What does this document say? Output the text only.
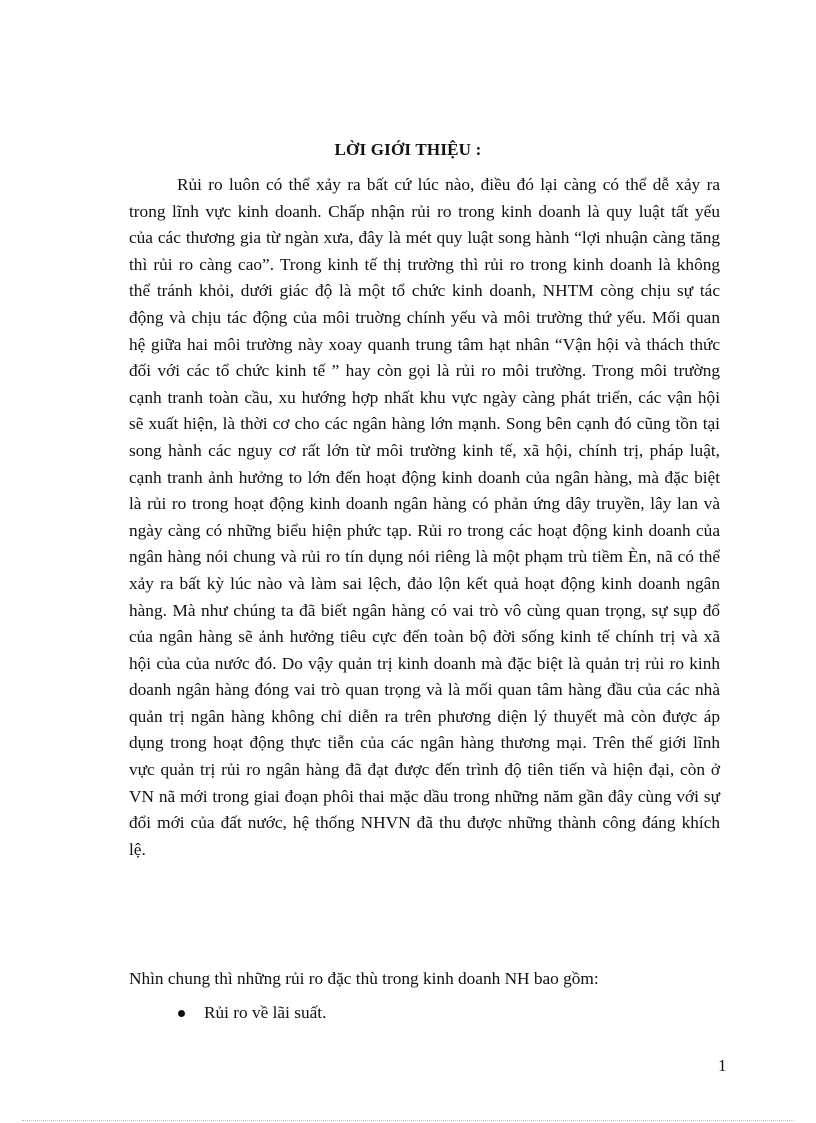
LỜI GIỚI THIỆU :

Rủi ro luôn có thể xảy ra bất cứ lúc nào, điều đó lại càng có thể dễ xảy ra trong lĩnh vực kinh doanh. Chấp nhận rủi ro trong kinh doanh là quy luật tất yếu của các thương gia từ ngàn xưa, đây là mét quy luật song hành “lợi nhuận càng tăng thì rủi ro càng cao”. Trong kinh tế thị trường thì rủi ro trong kinh doanh là không thể tránh khỏi, dưới giác độ là một tổ chức kinh doanh, NHTM còng chịu sự tác động và chịu tác động của môi truờng chính yếu và môi trường thứ yếu. Mối quan hệ giữa hai môi trường này xoay quanh trung tâm hạt nhân “Vận hội và thách thức đối với các tổ chức kinh tế ” hay còn gọi là rủi ro môi trường. Trong môi trường cạnh tranh toàn cầu, xu hướng hợp nhất khu vực ngày càng phát triển, các vận hội sẽ xuất hiện, là thời cơ cho các ngân hàng lớn mạnh. Song bên cạnh đó cũng tồn tại song hành các nguy cơ rất lớn từ môi trường kinh tế, xã hội, chính trị, pháp luật, cạnh tranh ảnh hưởng to lớn đến hoạt động kinh doanh của ngân hàng, mà đặc biệt là rủi ro trong hoạt động kinh doanh ngân hàng có phản ứng dây truyền, lây lan và ngày càng có những biểu hiện phức tạp. Rủi ro trong các hoạt động kinh doanh của ngân hàng nói chung và rủi ro tín dụng nói riêng là một phạm trù tiềm Èn, nã có thể xảy ra bất kỳ lúc nào và làm sai lệch, đảo lộn kết quả hoạt động kinh doanh ngân hàng. Mà như chúng ta đã biết ngân hàng có vai trò vô cùng quan trọng, sự sụp đổ của ngân hàng sẽ ảnh hưởng tiêu cực đến toàn bộ đời sống kinh tế chính trị và xã hội của của nước đó. Do vậy quản trị kinh doanh mà đặc biệt là quản trị rủi ro kinh doanh ngân hàng đóng vai trò quan trọng và là mối quan tâm hàng đầu của các nhà quản trị ngân hàng không chỉ diễn ra trên phương diện lý thuyết mà còn được áp dụng trong hoạt động thực tiễn của các ngân hàng thương mại. Trên thế giới lĩnh vực quản trị rủi ro ngân hàng đã đạt được đến trình độ tiên tiến và hiện đại, còn ở VN nã mới trong giai đoạn phôi thai mặc dầu trong những năm gần đây cùng với sự đổi mới của đất nước, hệ thống NHVN đã thu được những thành công đáng khích lệ.

Nhìn chung thì những rủi ro đặc thù trong kinh doanh NH bao gồm:

Rủi ro về lãi suất.
1
